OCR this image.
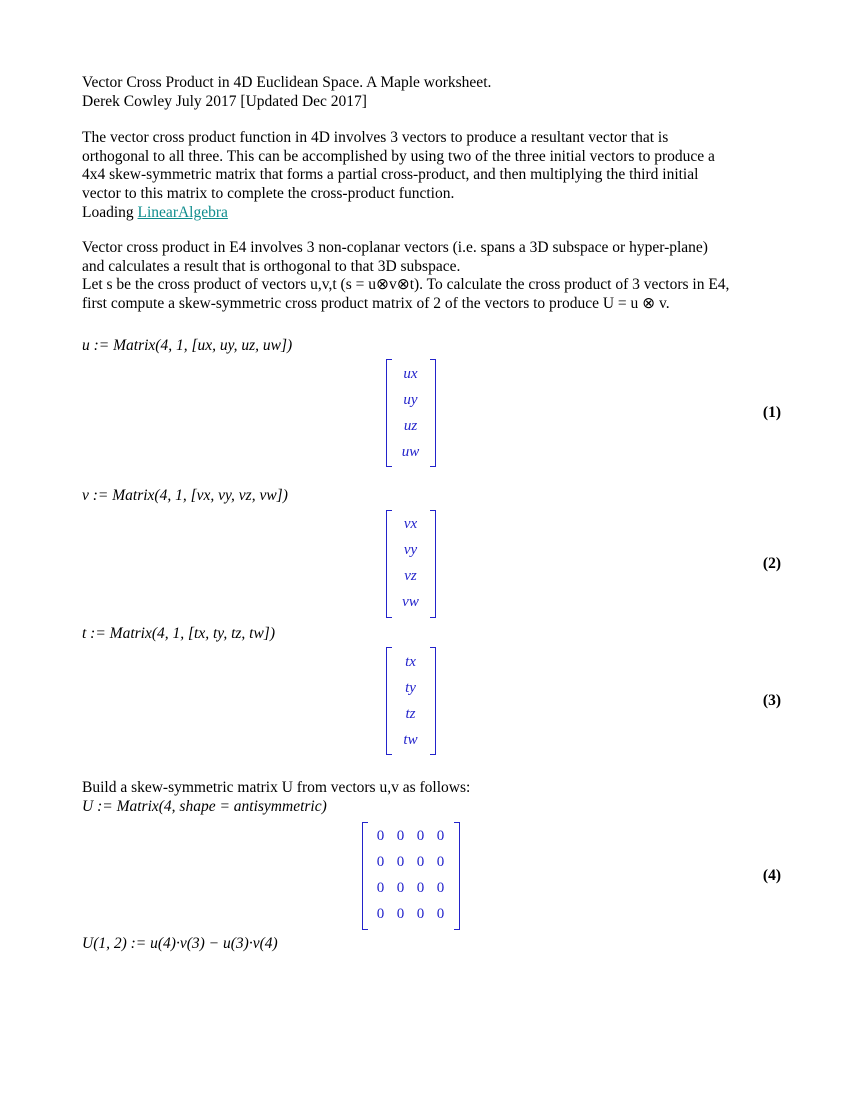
Vector Cross Product in 4D Euclidean Space. A Maple worksheet.
Derek Cowley July 2017 [Updated Dec 2017]
The vector cross product function in 4D involves 3 vectors to produce a resultant vector that is
orthogonal to all three. This can be accomplished by using two of the three initial vectors to produce a
4x4 skew-symmetric matrix that forms a partial cross-product, and then multiplying the third initial
vector to this matrix to complete the cross-product function.
Loading LinearAlgebra
Vector cross product in E4 involves 3 non-coplanar vectors (i.e. spans a 3D subspace or hyper-plane)
and calculates a result that is orthogonal to that 3D subspace.
Let s be the cross product of vectors u,v,t (s = u⊗v⊗t). To calculate the cross product of 3 vectors in E4,
first compute a skew-symmetric cross product matrix of 2 of the vectors to produce U = u ⊗ v.
u := Matrix(4, 1, [ux, uy, uz, uw])
ux
uy
uz
uw
(1)
v := Matrix(4, 1, [vx, vy, vz, vw])
vx
vy
vz
vw
(2)
t := Matrix(4, 1, [tx, ty, tz, tw])
tx
ty
tz
tw
(3)
Build a skew-symmetric matrix U from vectors u,v as follows:
U := Matrix(4, shape = antisymmetric)
0 0 0 0
0 0 0 0
0 0 0 0
0 0 0 0
(4)
U(1, 2) := u(4)·v(3) − u(3)·v(4)
